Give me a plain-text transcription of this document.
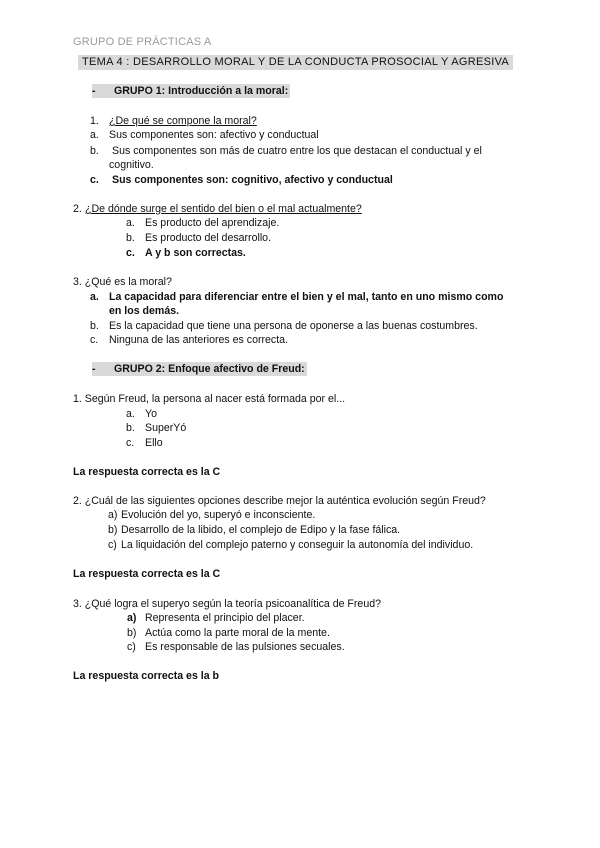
GRUPO DE PRÁCTICAS A
TEMA 4 : DESARROLLO MORAL Y DE LA CONDUCTA PROSOCIAL Y AGRESIVA
- GRUPO 1: Introducción a la moral:
1. ¿De qué se compone la moral?
a. Sus componentes son: afectivo y conductual
b. Sus componentes son más de cuatro entre los que destacan el conductual y el
cognitivo.
c. Sus componentes son: cognitivo, afectivo y conductual
2. ¿De dónde surge el sentido del bien o el mal actualmente?
a. Es producto del aprendizaje.
b. Es producto del desarrollo.
c. A y b son correctas.
3. ¿Qué es la moral?
a. La capacidad para diferenciar entre el bien y el mal, tanto en uno mismo como
en los demás.
b. Es la capacidad que tiene una persona de oponerse a las buenas costumbres.
c. Ninguna de las anteriores es correcta.
- GRUPO 2: Enfoque afectivo de Freud:
1. Según Freud, la persona al nacer está formada por el...
a. Yo
b. SuperYó
c. Ello
La respuesta correcta es la C
2. ¿Cuál de las siguientes opciones describe mejor la auténtica evolución según Freud?
a) Evolución del yo, superyó e inconsciente.
b) Desarrollo de la libido, el complejo de Edipo y la fase fálica.
c) La liquidación del complejo paterno y conseguir la autonomía del individuo.
La respuesta correcta es la C
3. ¿Qué logra el superyo según la teoría psicoanalítica de Freud?
a) Representa el principio del placer.
b) Actúa como la parte moral de la mente.
c) Es responsable de las pulsiones secuales.
La respuesta correcta es la b
